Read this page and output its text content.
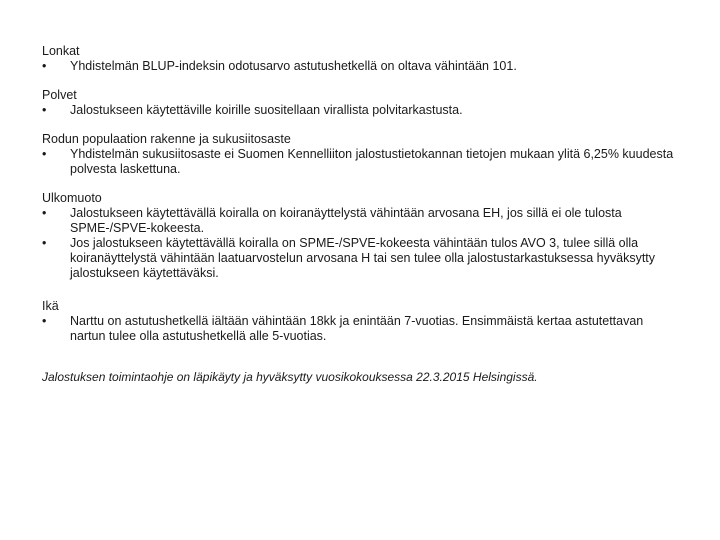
Lonkat
•	Yhdistelmän BLUP-indeksin odotusarvo astutushetkellä on oltava vähintään 101.
Polvet
•	Jalostukseen käytettäville koirille suositellaan virallista polvitarkastusta.
Rodun populaation rakenne ja sukusiitosaste
•	Yhdistelmän sukusiitosaste ei Suomen Kennelliiton jalostustietokannan tietojen mukaan ylitä 6,25% kuudesta polvesta laskettuna.
Ulkomuoto
•	Jalostukseen käytettävällä koiralla on koiranäyttelystä vähintään arvosana EH, jos sillä ei ole tulosta SPME-/SPVE-kokeesta.
•	Jos jalostukseen käytettävällä koiralla on SPME-/SPVE-kokeesta vähintään tulos AVO 3, tulee sillä olla koiranäyttelystä vähintään laatuarvostelun arvosana H tai sen tulee olla jalostustarkastuksessa hyväksytty jalostukseen käytettäväksi.
Ikä
•	Narttu on astutushetkellä iältään vähintään 18kk ja enintään 7-vuotias. Ensimmäistä kertaa astutettavan nartun tulee olla astutushetkellä alle 5-vuotias.
Jalostuksen toimintaohje on läpikäyty ja hyväksytty vuosikokouksessa 22.3.2015 Helsingissä.
